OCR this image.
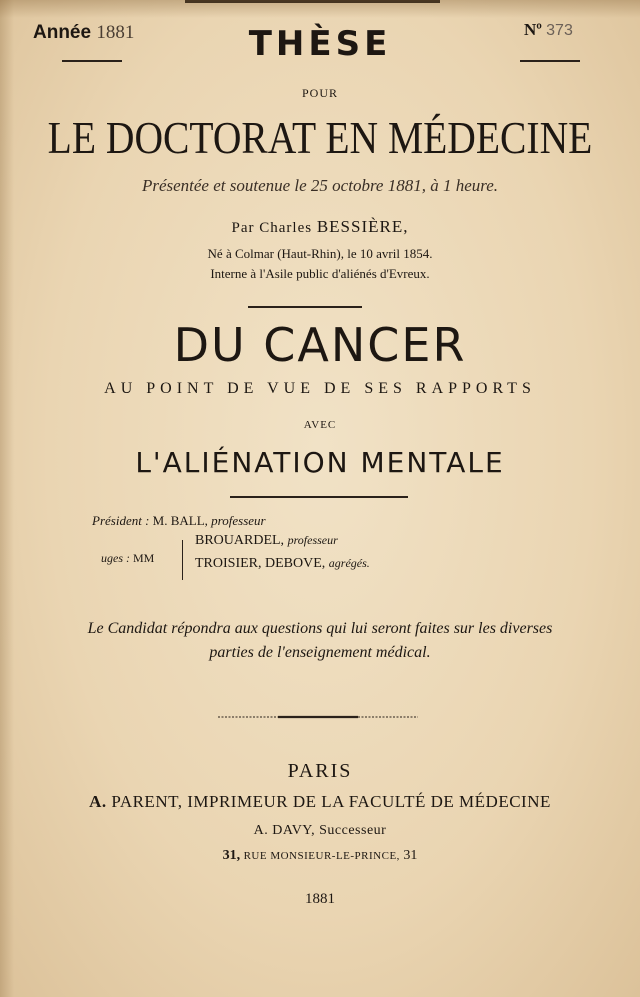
Année 1881	Nº 373
THÈSE
POUR
LE DOCTORAT EN MÉDECINE
Présentée et soutenue le 25 octobre 1881, à 1 heure.
Par Charles BESSIÈRE,
Né à Colmar (Haut-Rhin), le 10 avril 1854.
Interne à l'Asile public d'aliénés d'Evreux.
DU CANCER
AU POINT DE VUE DE SES RAPPORTS
AVEC
L'ALIÉNATION MENTALE
Président : M. BALL, professeur
uges : MM
BROUARDEL, professeur
TROISIER, DEBOVE, agrégés.
Le Candidat répondra aux questions qui lui seront faites sur les diverses
parties de l'enseignement médical.
PARIS
A. PARENT, IMPRIMEUR DE LA FACULTÉ DE MÉDECINE
A. DAVY, Successeur
31, RUE MONSIEUR-LE-PRINCE, 31
1881
